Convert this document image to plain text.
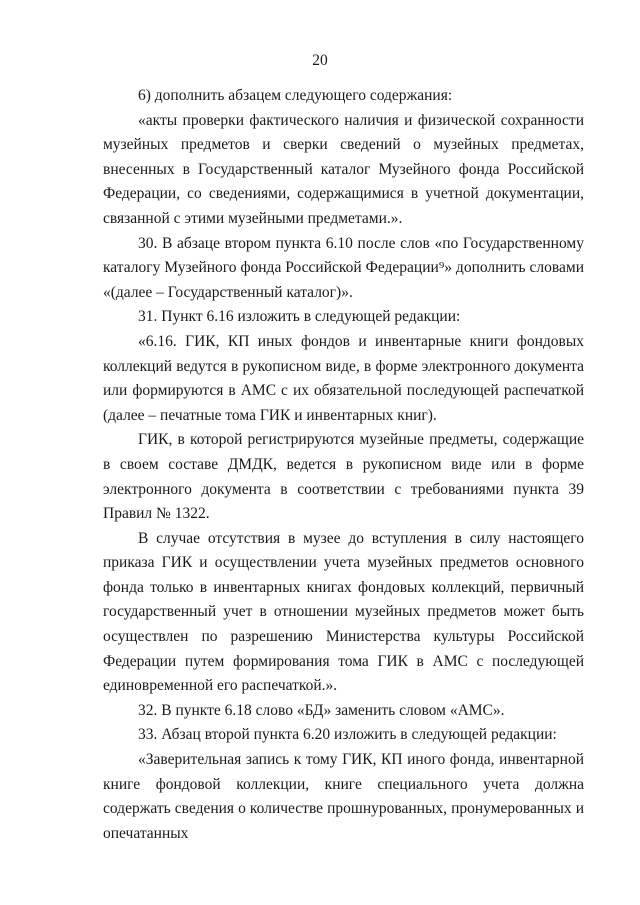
20

6) дополнить абзацем следующего содержания:

«акты проверки фактического наличия и физической сохранности музейных предметов и сверки сведений о музейных предметах, внесенных в Государственный каталог Музейного фонда Российской Федерации, со сведениями, содержащимися в учетной документации, связанной с этими музейными предметами.».

30. В абзаце втором пункта 6.10 после слов «по Государственному каталогу Музейного фонда Российской Федерации⁹» дополнить словами «(далее – Государственный каталог)».

31. Пункт 6.16 изложить в следующей редакции:

«6.16. ГИК, КП иных фондов и инвентарные книги фондовых коллекций ведутся в рукописном виде, в форме электронного документа или формируются в АМС с их обязательной последующей распечаткой (далее – печатные тома ГИК и инвентарных книг).

ГИК, в которой регистрируются музейные предметы, содержащие в своем составе ДМДК, ведется в рукописном виде или в форме электронного документа в соответствии с требованиями пункта 39 Правил № 1322.

В случае отсутствия в музее до вступления в силу настоящего приказа ГИК и осуществлении учета музейных предметов основного фонда только в инвентарных книгах фондовых коллекций, первичный государственный учет в отношении музейных предметов может быть осуществлен по разрешению Министерства культуры Российской Федерации путем формирования тома ГИК в АМС с последующей единовременной его распечаткой.».

32. В пункте 6.18 слово «БД» заменить словом «АМС».

33. Абзац второй пункта 6.20 изложить в следующей редакции:

«Заверительная запись к тому ГИК, КП иного фонда, инвентарной книге фондовой коллекции, книге специального учета должна содержать сведения о количестве прошнурованных, пронумерованных и опечатанных
